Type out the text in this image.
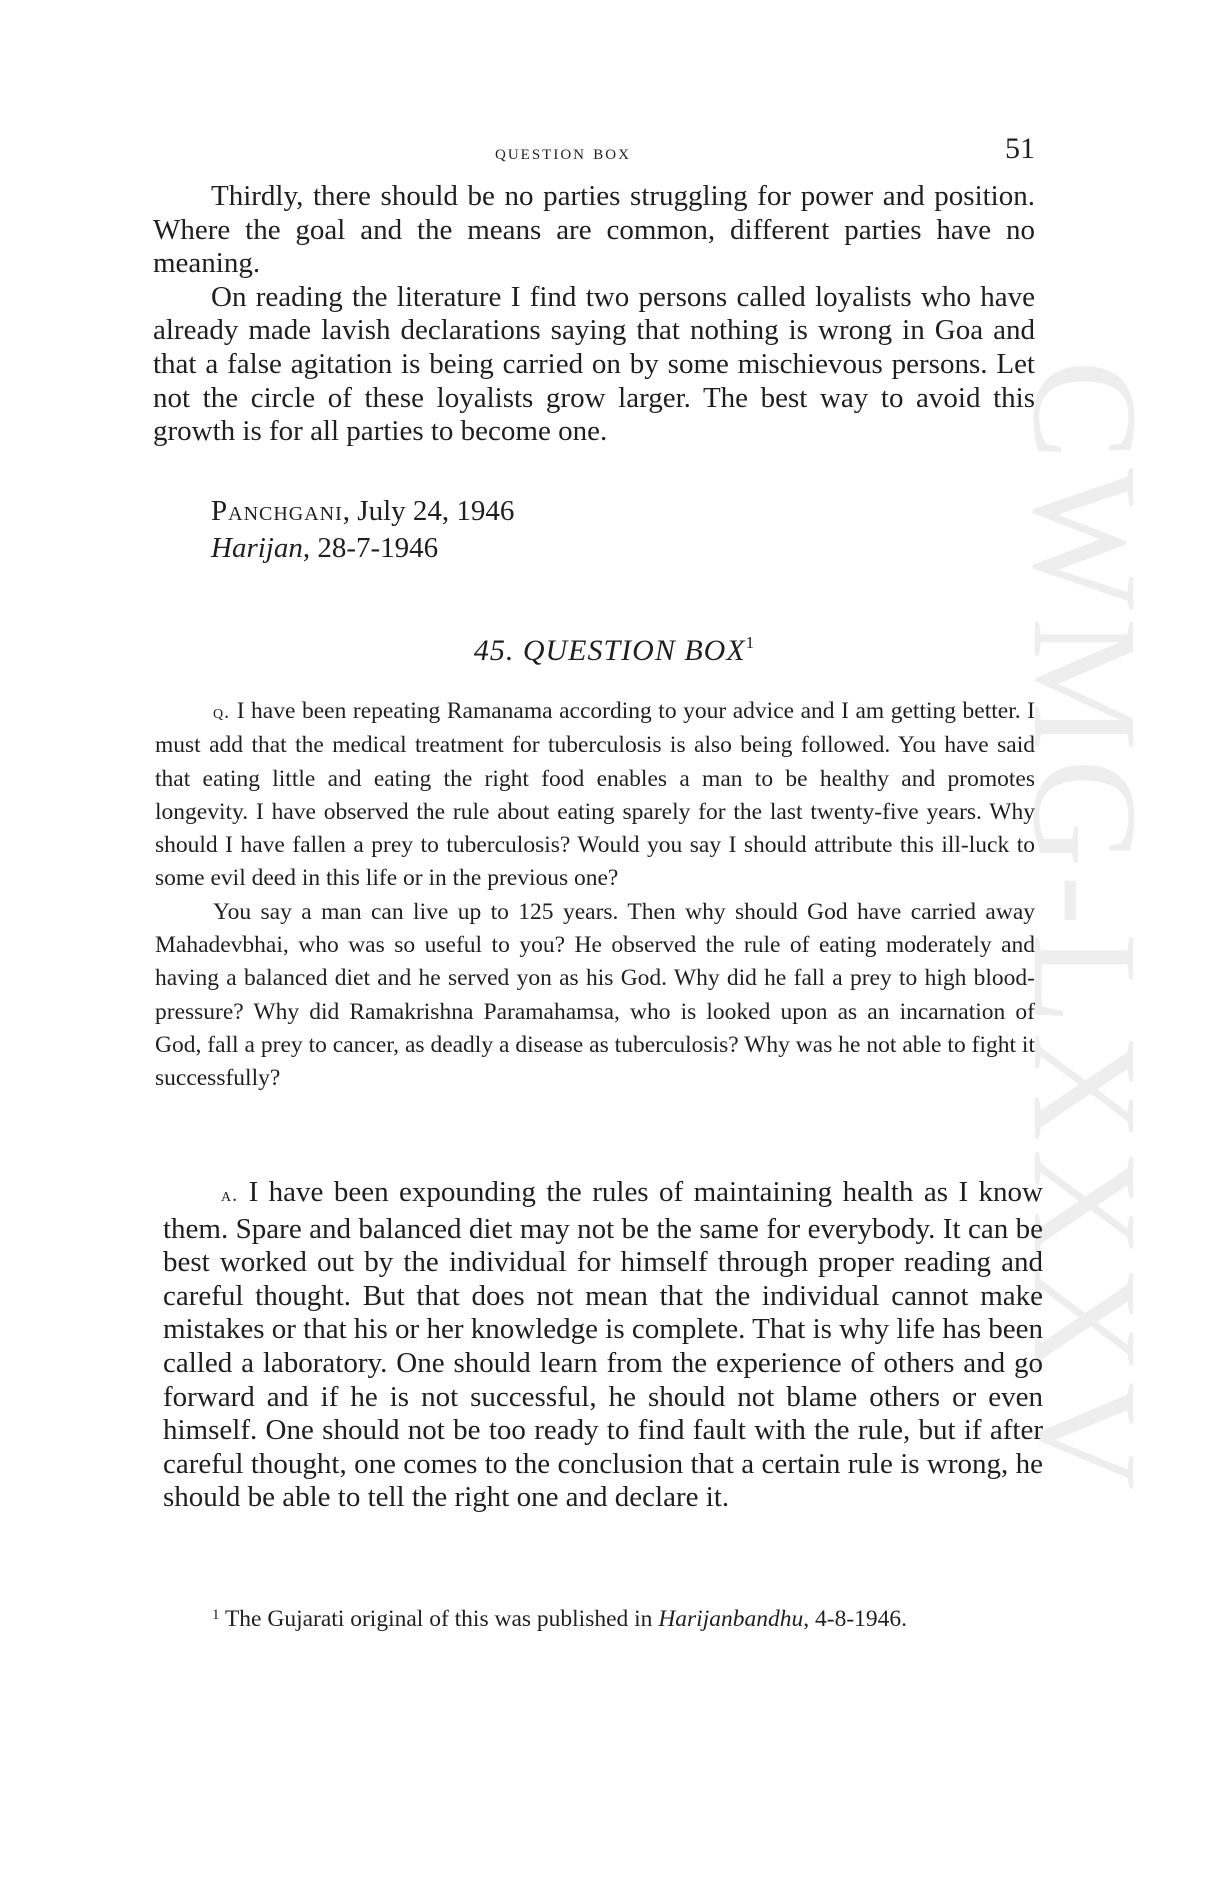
CWMG-LXXXV
question box	51

Thirdly, there should be no parties struggling for power and position. Where the goal and the means are common, different parties have no meaning.

On reading the literature I find two persons called loyalists who have already made lavish declarations saying that nothing is wrong in Goa and that a false agitation is being carried on by some mischievous persons. Let not the circle of these loyalists grow larger. The best way to avoid this growth is for all parties to become one.

Panchgani, July 24, 1946
Harijan, 28-7-1946
45. QUESTION BOX$^1$

q. I have been repeating Ramanama according to your advice and I am getting better. I must add that the medical treatment for tuberculosis is also being followed. You have said that eating little and eating the right food enables a man to be healthy and promotes longevity. I have observed the rule about eating sparely for the last twenty-five years. Why should I have fallen a prey to tuberculosis? Would you say I should attribute this ill-luck to some evil deed in this life or in the previous one?

You say a man can live up to 125 years. Then why should God have carried away Mahadevbhai, who was so useful to you? He observed the rule of eating moderately and having a balanced diet and he served yon as his God. Why did he fall a prey to high blood-pressure? Why did Ramakrishna Paramahamsa, who is looked upon as an incarnation of God, fall a prey to cancer, as deadly a disease as tuberculosis? Why was he not able to fight it successfully?

a. I have been expounding the rules of maintaining health as I know them. Spare and balanced diet may not be the same for everybody. It can be best worked out by the individual for himself through proper reading and careful thought. But that does not mean that the individual cannot make mistakes or that his or her knowledge is complete. That is why life has been called a laboratory. One should learn from the experience of others and go forward and if he is not successful, he should not blame others or even himself. One should not be too ready to find fault with the rule, but if after careful thought, one comes to the conclusion that a certain rule is wrong, he should be able to tell the right one and declare it.

$^1$ The Gujarati original of this was published in Harijanbandhu, 4-8-1946.
